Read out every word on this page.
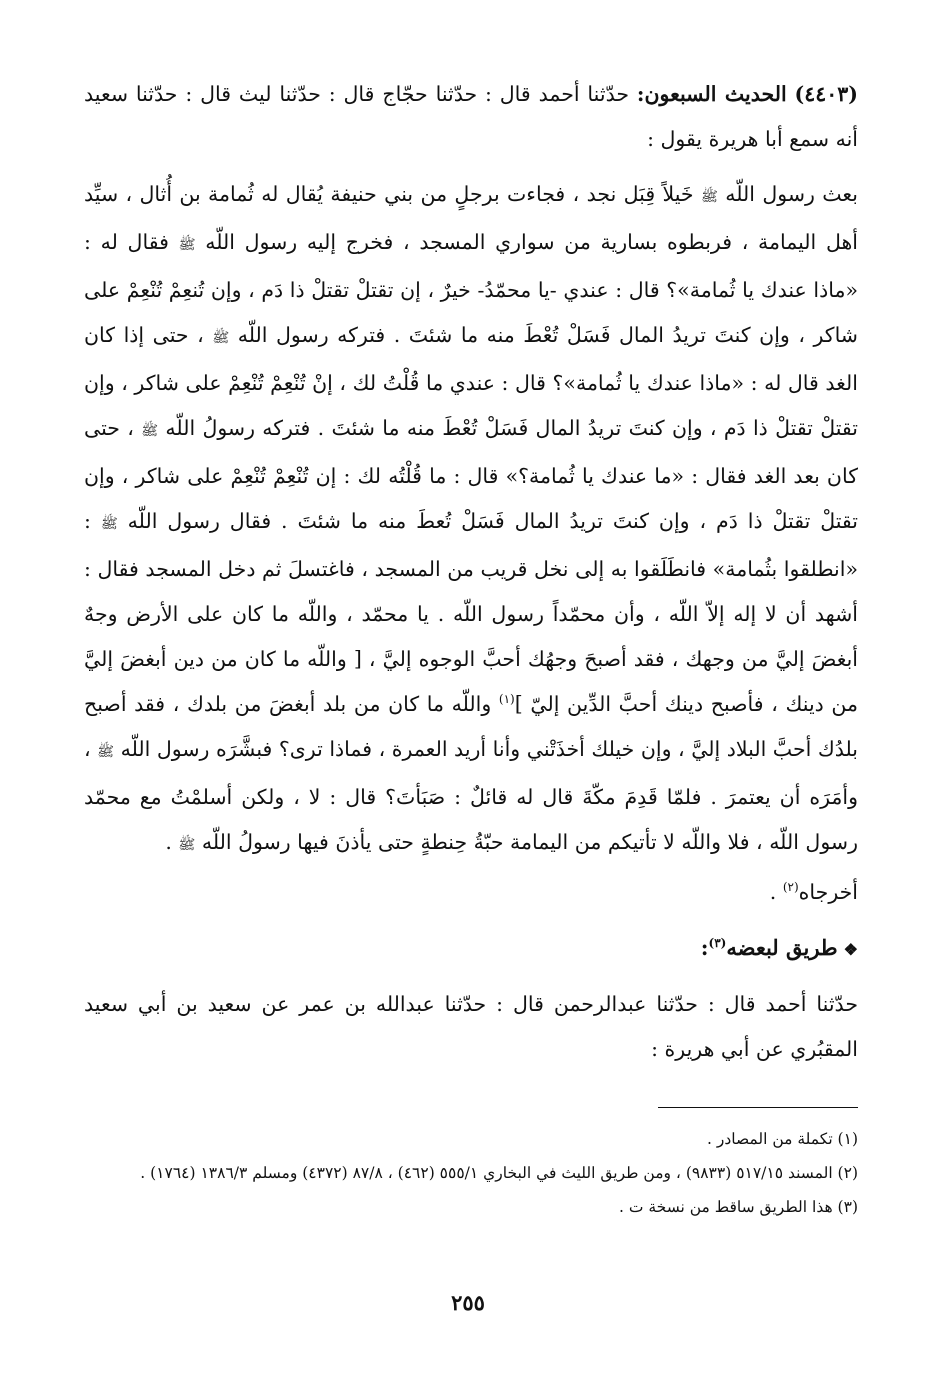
(٤٤٠٣) الحديث السبعون: حدّثنا أحمد قال : حدّثنا حجّاج قال : حدّثنا ليث قال : حدّثنا سعيد أنه سمع أبا هريرة يقول :

بعث رسول اللّه ﷺ خَيلاً قِبَل نجد ، فجاءت برجلٍ من بني حنيفة يُقال له ثُمامة بن أُثال ، سيِّد أهل اليمامة ، فربطوه بسارية من سواري المسجد ، فخرج إليه رسول اللّه ﷺ فقال له : «ماذا عندك يا ثُمامة»؟ قال : عندي -يا محمّدُ- خيرٌ ، إن تقتلْ تقتلْ ذا دَم ، وإن تُنعِمْ تُنْعِمْ على شاكر ، وإن كنتَ تريدُ المال فَسَلْ تُعْطَ منه ما شئتَ . فتركه رسول اللّه ﷺ ، حتى إذا كان الغد قال له : «ماذا عندك يا ثُمامة»؟ قال : عندي ما قُلْتُ لك ، إنْ تُنْعِمْ تُنْعِمْ على شاكر ، وإن تقتلْ تقتلْ ذا دَم ، وإن كنتَ تريدُ المال فَسَلْ تُعْطَ منه ما شئتَ . فتركه رسولُ اللّه ﷺ ، حتى كان بعد الغد فقال : «ما عندك يا ثُمامة؟» قال : ما قُلْتُه لك : إن تُنْعِمْ تُنْعِمْ على شاكر ، وإن تقتلْ تقتلْ ذا دَم ، وإن كنتَ تريدُ المال فَسَلْ تُعطَ منه ما شئتَ . فقال رسول اللّه ﷺ : «انطلقوا بثُمامة» فانطَلَقوا به إلى نخل قريب من المسجد ، فاغتسلَ ثم دخل المسجد فقال : أشهد أن لا إله إلاّ اللّه ، وأن محمّداً رسول اللّه . يا محمّد ، واللّه ما كان على الأرض وجهٌ أبغضَ إليَّ من وجهك ، فقد أصبحَ وجهُك أحبَّ الوجوه إليَّ ، [ واللّه ما كان من دين أبغضَ إليَّ من دينك ، فأصبح دينك أحبَّ الدِّين إليّ ]$^{(١)}$ واللّه ما كان من بلد أبغضَ من بلدك ، فقد أصبح بلدُك أحبَّ البلاد إليَّ ، وإن خيلك أخذَتْني وأنا أريد العمرة ، فماذا ترى؟ فبشَّرَه رسول اللّه ﷺ ، وأمَرَه أن يعتمرَ . فلمّا قَدِمَ مكّةَ قال له قائلٌ : صَبَأتَ؟ قال : لا ، ولكن أسلمْتُ مع محمّد رسول اللّه ، فلا واللّه لا تأتيكم من اليمامة حبّةُ حِنطةٍ حتى يأذنَ فيها رسولُ اللّه ﷺ .

أخرجاه$^{(٢)}$ .

❖طريق لبعضه$^{(٣)}$:

حدّثنا أحمد قال : حدّثنا عبدالرحمن قال : حدّثنا عبدالله بن عمر عن سعيد بن أبي سعيد المقبُري عن أبي هريرة :

(١) تكملة من المصادر .

(٢) المسند ٥١٧/١٥ (٩٨٣٣) ، ومن طريق الليث في البخاري ٥٥٥/١ (٤٦٢) ، ٨٧/٨ (٤٣٧٢) ومسلم ١٣٨٦/٣ (١٧٦٤) .

(٣) هذا الطريق ساقط من نسخة ت .

٢٥٥
